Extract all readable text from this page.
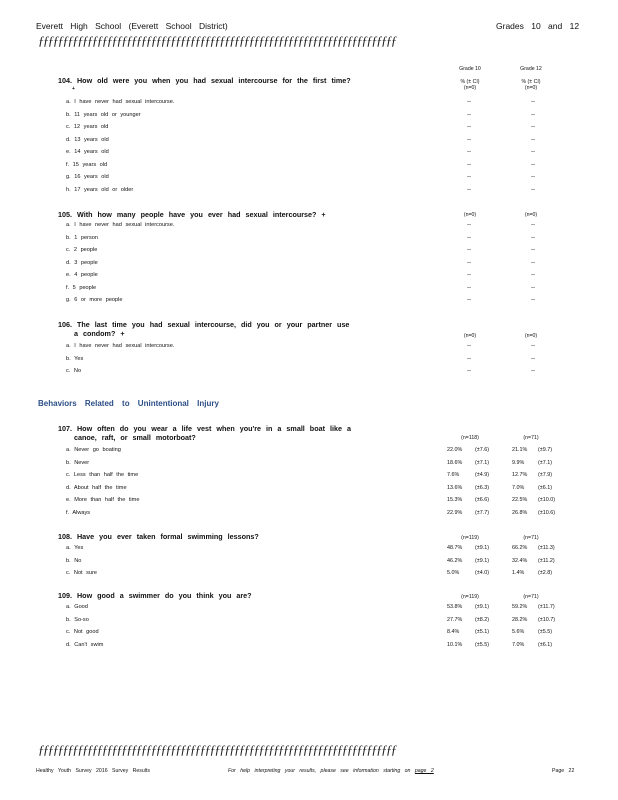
Everett High School (Everett School District)	Grades 10 and 12
ƒƒƒƒƒƒƒƒƒƒƒƒƒƒƒƒƒƒƒƒƒƒƒƒƒƒƒƒƒƒƒƒƒƒƒƒƒƒƒƒƒƒƒƒƒƒƒƒƒƒƒƒƒƒƒƒƒƒƒƒƒƒƒƒƒƒƒƒƒƒƒƒƒ
Grade 10	Grade 12
Behaviors Related to Unintentional Injury
ƒƒƒƒƒƒƒƒƒƒƒƒƒƒƒƒƒƒƒƒƒƒƒƒƒƒƒƒƒƒƒƒƒƒƒƒƒƒƒƒƒƒƒƒƒƒƒƒƒƒƒƒƒƒƒƒƒƒƒƒƒƒƒƒƒƒƒƒƒƒƒƒƒ
Healthy Youth Survey 2016 Survey Results	For help interpreting your results, please see information starting on page 2	Page 22
104. How old were you when you had sexual intercourse for the first time?
+
% (± CI)	% (± CI)
(n=0)	(n=0)
a. I have never had sexual intercourse.	--	--
b. 11 years old or younger	--	--
c. 12 years old	--	--
d. 13 years old	--	--
e. 14 years old	--	--
f. 15 years old	--	--
g. 16 years old	--	--
h. 17 years old or older	--	--
105. With how many people have you ever had sexual intercourse? +	(n=0)	(n=0)
a. I have never had sexual intercourse.	--	--
b. 1 person	--	--
c. 2 people	--	--
d. 3 people	--	--
e. 4 people	--	--
f. 5 people	--	--
g. 6 or more people	--	--
106. The last time you had sexual intercourse, did you or your partner use
a condom? +	(n=0)	(n=0)
a. I have never had sexual intercourse.	--	--
b. Yes	--	--
c. No	--	--
107. How often do you wear a life vest when you're in a small boat like a
canoe, raft, or small motorboat?	(n=118)	(n=71)
a. Never go boating	22.0% (±7.6)	21.1% (±9.7)
b. Never	18.6% (±7.1)	9.9%	(±7.1)
c. Less than half the time	7.6%	(±4.9)	12.7% (±7.9)
d. About half the time	13.6% (±6.3)	7.0%	(±6.1)
e. More than half the time	15.3% (±6.6)	22.5% (±10.0)
f. Always	22.9% (±7.7)	26.8% (±10.6)
108. Have you ever taken formal swimming lessons?	(n=119)	(n=71)
a. Yes	48.7% (±9.1)	66.2% (±11.3)
b. No	46.2% (±9.1)	32.4% (±11.2)
c. Not sure	5.0%	(±4.0)	1.4%	(±2.8)
109. How good a swimmer do you think you are?	(n=119)	(n=71)
a. Good	53.8% (±9.1)	59.2% (±11.7)
b. So-so	27.7% (±8.2)	28.2% (±10.7)
c. Not good	8.4%	(±5.1)	5.6%	(±5.5)
d. Can't swim	10.1% (±5.5)	7.0%	(±6.1)
